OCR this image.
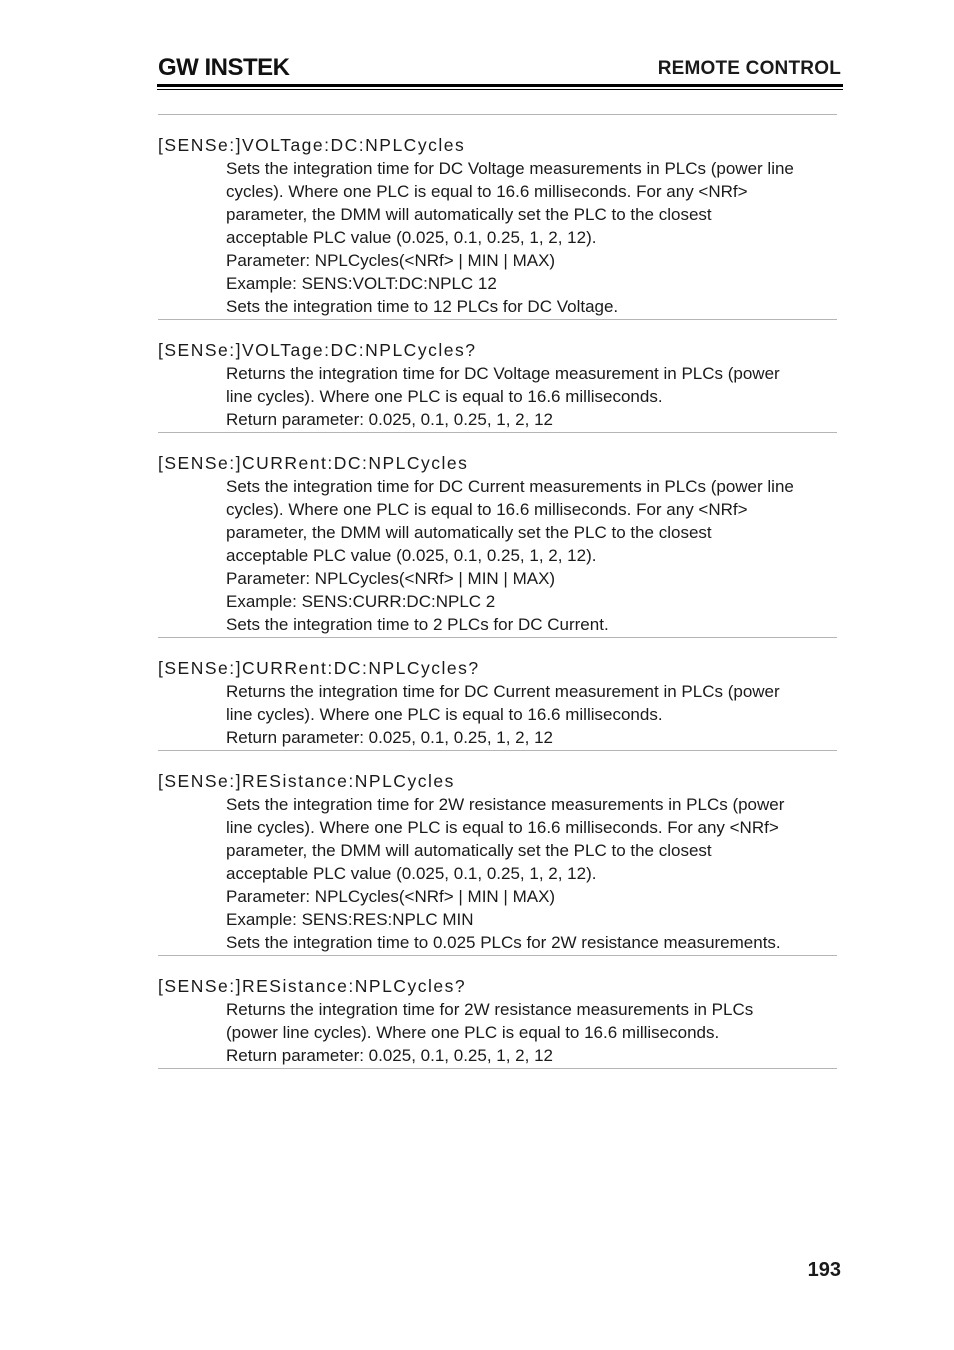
GW INSTEK	REMOTE CONTROL
[SENSe:]VOLTage:DC:NPLCycles
Sets the integration time for DC Voltage measurements in PLCs (power line
cycles). Where one PLC is equal to 16.6 milliseconds. For any <NRf>
parameter, the DMM will automatically set the PLC to the closest
acceptable PLC value (0.025, 0.1, 0.25, 1, 2, 12).
Parameter: NPLCycles(<NRf> | MIN | MAX)
Example: SENS:VOLT:DC:NPLC 12
Sets the integration time to 12 PLCs for DC Voltage.
[SENSe:]VOLTage:DC:NPLCycles?
Returns the integration time for DC Voltage measurement in PLCs (power
line cycles). Where one PLC is equal to 16.6 milliseconds.
Return parameter: 0.025, 0.1, 0.25, 1, 2, 12
[SENSe:]CURRent:DC:NPLCycles
Sets the integration time for DC Current measurements in PLCs (power line
cycles). Where one PLC is equal to 16.6 milliseconds. For any <NRf>
parameter, the DMM will automatically set the PLC to the closest
acceptable PLC value (0.025, 0.1, 0.25, 1, 2, 12).
Parameter: NPLCycles(<NRf> | MIN | MAX)
Example: SENS:CURR:DC:NPLC 2
Sets the integration time to 2 PLCs for DC Current.
[SENSe:]CURRent:DC:NPLCycles?
Returns the integration time for DC Current measurement in PLCs (power
line cycles). Where one PLC is equal to 16.6 milliseconds.
Return parameter: 0.025, 0.1, 0.25, 1, 2, 12
[SENSe:]RESistance:NPLCycles
Sets the integration time for 2W resistance measurements in PLCs (power
line cycles). Where one PLC is equal to 16.6 milliseconds. For any <NRf>
parameter, the DMM will automatically set the PLC to the closest
acceptable PLC value (0.025, 0.1, 0.25, 1, 2, 12).
Parameter: NPLCycles(<NRf> | MIN | MAX)
Example: SENS:RES:NPLC MIN
Sets the integration time to 0.025 PLCs for 2W resistance measurements.
[SENSe:]RESistance:NPLCycles?
Returns the integration time for 2W resistance measurements in PLCs
(power line cycles). Where one PLC is equal to 16.6 milliseconds.
Return parameter: 0.025, 0.1, 0.25, 1, 2, 12
193
